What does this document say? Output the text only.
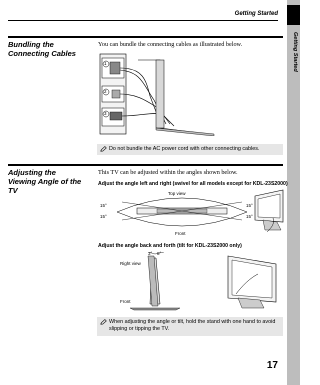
Getting Started
Getting Started
Bundling the
Connecting Cables
You can bundle the connecting cables as illustrated below.
1
2
3
Do not bundle the AC power cord with other connecting cables.
Adjusting the
Viewing Angle of the
TV
This TV can be adjusted within the angles shown below.
Adjust the angle left and right (swivel for all models except for KDL-23S2000)
Top view
Front
15°
15°
15°
15°
Adjust the angle back and forth (tilt for KDL-23S2000 only)
Right view
Front
3° 8°
When adjusting the angle or tilt, hold the stand with one hand to avoid
slipping or tipping the TV.
17
